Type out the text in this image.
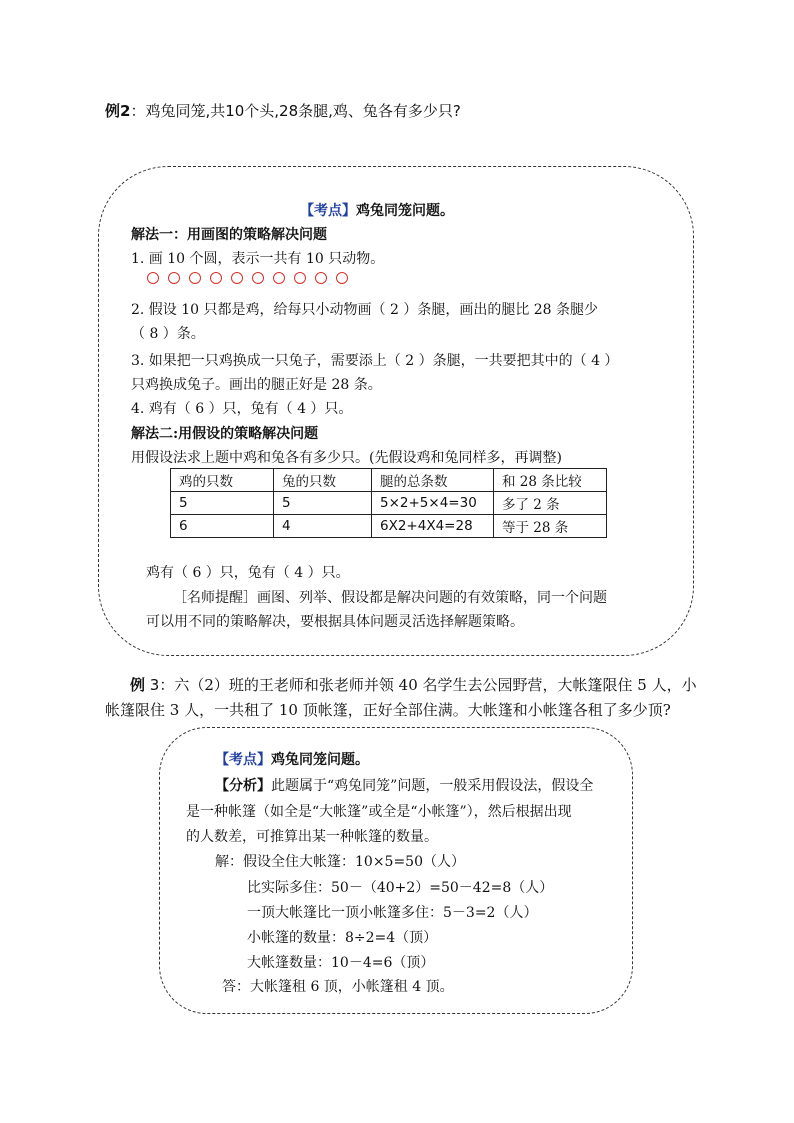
例2：鸡兔同笼,共10个头,28条腿,鸡、兔各有多少只?
【考点】鸡兔同笼问题。
解法一：用画图的策略解决问题
1. 画 10 个圆，表示一共有 10 只动物。
2. 假设 10 只都是鸡，给每只小动物画（ 2 ）条腿，画出的腿比 28 条腿少
（ 8 ）条。
3. 如果把一只鸡换成一只兔子，需要添上（ 2 ）条腿，一共要把其中的（ 4 ）
只鸡换成兔子。画出的腿正好是 28 条。
4. 鸡有（ 6 ）只，兔有（ 4 ）只。
解法二:用假设的策略解决问题
用假设法求上题中鸡和兔各有多少只。(先假设鸡和兔同样多，再调整)
鸡的只数	兔的只数	腿的总条数	和 28 条比较
5	5	5×2+5×4=30	多了 2 条
6	4	6X2+4X4=28	等于 28 条
鸡有（ 6 ）只，兔有（ 4 ）只。
［名师提醒］画图、列举、假设都是解决问题的有效策略，同一个问题
可以用不同的策略解决，要根据具体问题灵活选择解题策略。
例 3：六（2）班的王老师和张老师并领 40 名学生去公园野营，大帐篷限住 5 人，小
帐篷限住 3 人，一共租了 10 顶帐篷，正好全部住满。大帐篷和小帐篷各租了多少顶?
【考点】鸡兔同笼问题。
【分析】此题属于“鸡兔同笼”问题，一般采用假设法，假设全
是一种帐篷（如全是“大帐篷”或全是“小帐篷”），然后根据出现
的人数差，可推算出某一种帐篷的数量。
解：假设全住大帐篷：10×5=50（人）
比实际多住：50－（40+2）=50－42=8（人）
一顶大帐篷比一顶小帐篷多住：5－3=2（人）
小帐篷的数量：8÷2=4（顶）
大帐篷数量：10－4=6（顶）
答：大帐篷租 6 顶，小帐篷租 4 顶。
